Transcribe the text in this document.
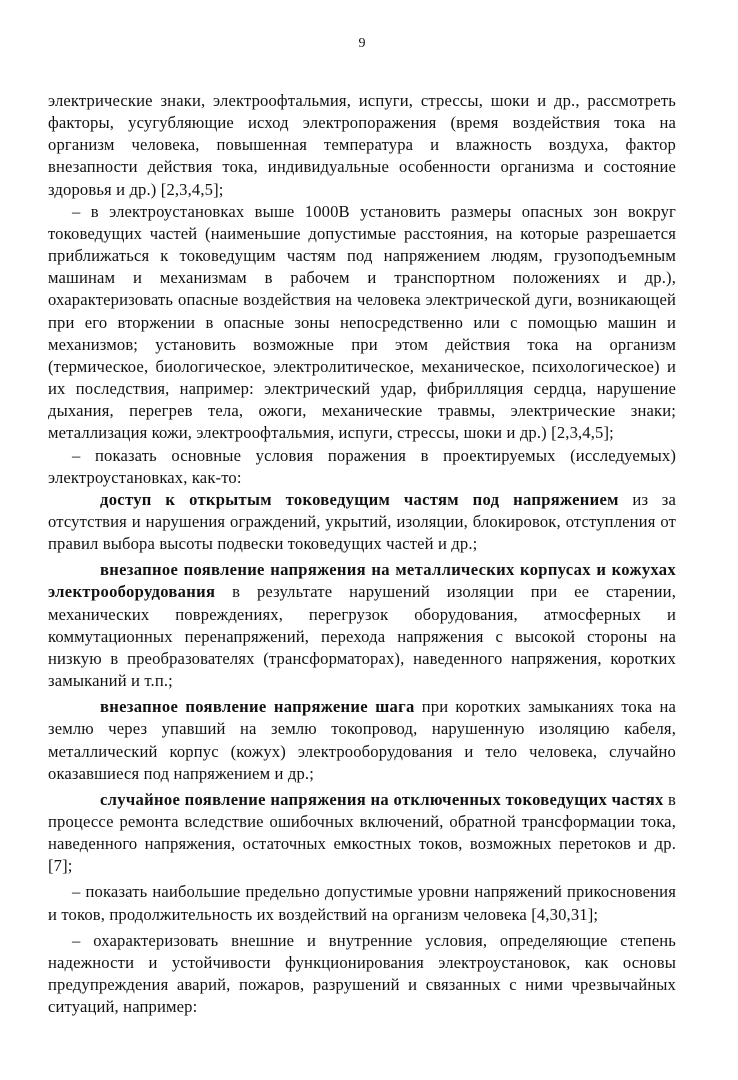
9

электрические знаки, электроофтальмия, испуги, стрессы, шоки и др., рассмотреть факторы, усугубляющие исход электропоражения (время воздействия тока на организм человека, повышенная температура и влажность воздуха, фактор внезапности действия тока, индивидуальные особенности организма и состояние здоровья и др.) [2,3,4,5];

– в электроустановках выше 1000В установить размеры опасных зон вокруг токоведущих частей (наименьшие допустимые расстояния, на которые разрешается приближаться к токоведущим частям под напряжением людям, грузоподъемным машинам и механизмам в рабочем и транспортном положениях и др.), охарактеризовать опасные воздействия на человека электрической дуги, возникающей при его вторжении в опасные зоны непосредственно или с помощью машин и механизмов; установить возможные при этом действия тока на организм (термическое, биологическое, электролитическое, механическое, психологическое) и их последствия, например: электрический удар, фибрилляция сердца, нарушение дыхания, перегрев тела, ожоги, механические травмы, электрические знаки; металлизация кожи, электроофтальмия, испуги, стрессы, шоки и др.) [2,3,4,5];

– показать основные условия поражения в проектируемых (исследуемых) электроустановках, как-то:

доступ к открытым токоведущим частям под напряжением из за отсутствия и нарушения ограждений, укрытий, изоляции, блокировок, отступления от правил выбора высоты подвески токоведущих частей и др.;

внезапное появление напряжения на металлических корпусах и кожухах электрооборудования в результате нарушений изоляции при ее старении, механических повреждениях, перегрузок оборудования, атмосферных и коммутационных перенапряжений, перехода напряжения с высокой стороны на низкую в преобразователях (трансформаторах), наведенного напряжения, коротких замыканий и т.п.;

внезапное появление напряжение шага при коротких замыканиях тока на землю через упавший на землю токопровод, нарушенную изоляцию кабеля, металлический корпус (кожух) электрооборудования и тело человека, случайно оказавшиеся под напряжением и др.;

случайное появление напряжения на отключенных токоведущих частях в процессе ремонта вследствие ошибочных включений, обратной трансформации тока, наведенного напряжения, остаточных емкостных токов, возможных перетоков и др. [7];

– показать наибольшие предельно допустимые уровни напряжений прикосновения и токов, продолжительность их воздействий на организм человека [4,30,31];

– охарактеризовать внешние и внутренние условия, определяющие степень надежности и устойчивости функционирования электроустановок, как основы предупреждения аварий, пожаров, разрушений и связанных с ними чрезвычайных ситуаций, например:
